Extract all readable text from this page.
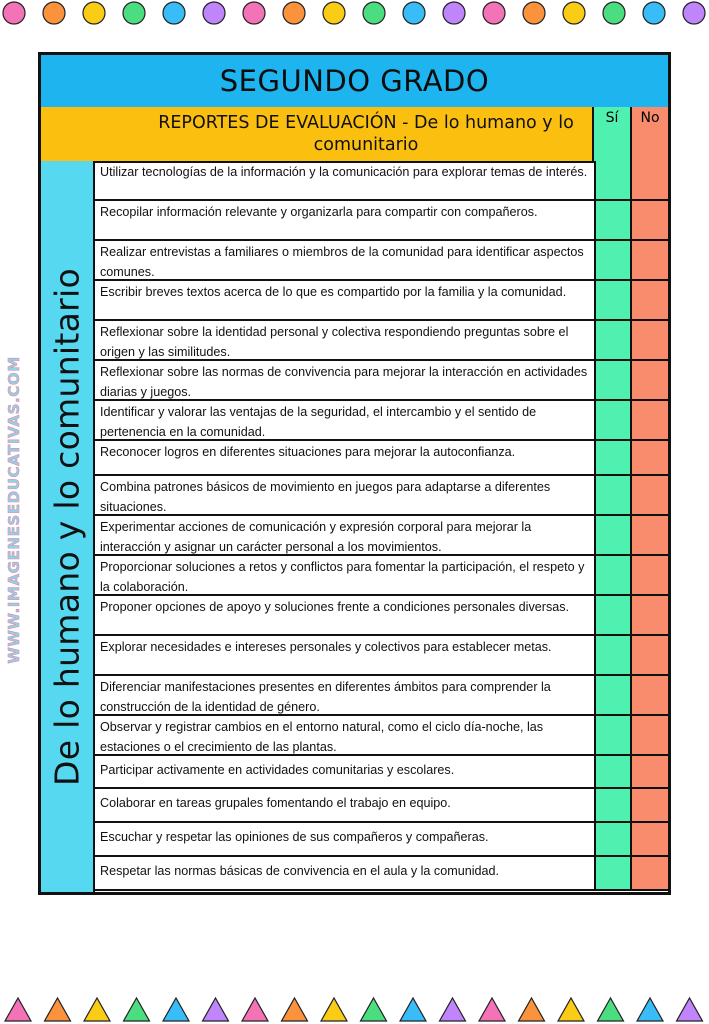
WWW.IMAGENESEDUCATIVAS.COM
SEGUNDO GRADO
REPORTES DE EVALUACIÓN - De lo humano y lo comunitario
Sí	No
De lo humano y lo comunitario
Utilizar tecnologías de la información y la comunicación para explorar temas de interés.
Recopilar información relevante y organizarla para compartir con compañeros.
Realizar entrevistas a familiares o miembros de la comunidad para identificar aspectos comunes.
Escribir breves textos acerca de lo que es compartido por la familia y la comunidad.
Reflexionar sobre la identidad personal y colectiva respondiendo preguntas sobre el origen y las similitudes.
Reflexionar sobre las normas de convivencia para mejorar la interacción en actividades diarias y juegos.
Identificar y valorar las ventajas de la seguridad, el intercambio y el sentido de pertenencia en la comunidad.
Reconocer logros en diferentes situaciones para mejorar la autoconfianza.
Combina patrones básicos de movimiento en juegos para adaptarse a diferentes situaciones.
Experimentar acciones de comunicación y expresión corporal para mejorar la interacción y asignar un carácter personal a los movimientos.
Proporcionar soluciones a retos y conflictos para fomentar la participación, el respeto y la colaboración.
Proponer opciones de apoyo y soluciones frente a condiciones personales diversas.
Explorar necesidades e intereses personales y colectivos para establecer metas.
Diferenciar manifestaciones presentes en diferentes ámbitos para comprender la construcción de la identidad de género.
Observar y registrar cambios en el entorno natural, como el ciclo día-noche, las estaciones o el crecimiento de las plantas.
Participar activamente en actividades comunitarias y escolares.
Colaborar en tareas grupales fomentando el trabajo en equipo.
Escuchar y respetar las opiniones de sus compañeros y compañeras.
Respetar las normas básicas de convivencia en el aula y la comunidad.
